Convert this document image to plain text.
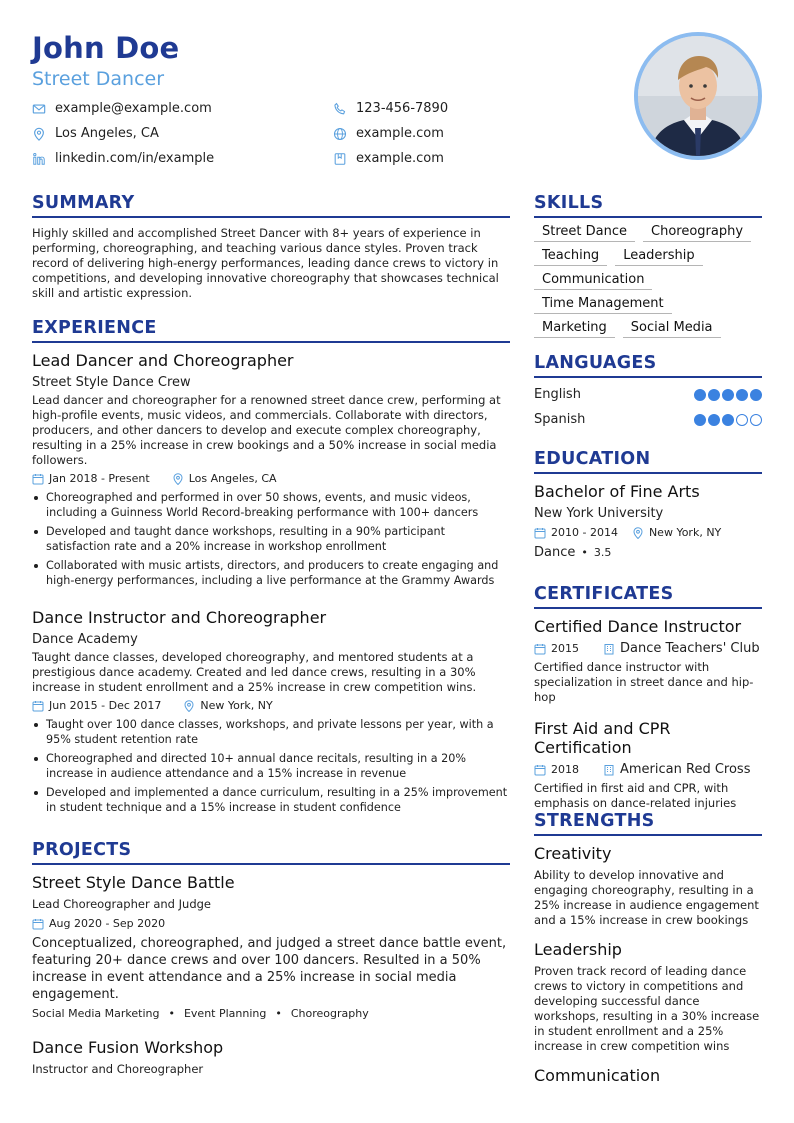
John Doe
Street Dancer
example@example.com	123-456-7890
Los Angeles, CA	example.com
linkedin.com/in/example	example.com
SUMMARY
Highly skilled and accomplished Street Dancer with 8+ years of experience in performing, choreographing, and teaching various dance styles. Proven track record of delivering high-energy performances, leading dance crews to victory in competitions, and developing innovative choreography that showcases technical skill and artistic expression.
EXPERIENCE
Lead Dancer and Choreographer
Street Style Dance Crew
Lead dancer and choreographer for a renowned street dance crew, performing at high-profile events, music videos, and commercials. Collaborate with directors, producers, and other dancers to develop and execute complex choreography, resulting in a 25% increase in crew bookings and a 50% increase in social media followers.
Jan 2018 - Present	Los Angeles, CA
Choreographed and performed in over 50 shows, events, and music videos, including a Guinness World Record-breaking performance with 100+ dancers
Developed and taught dance workshops, resulting in a 90% participant satisfaction rate and a 20% increase in workshop enrollment
Collaborated with music artists, directors, and producers to create engaging and high-energy performances, including a live performance at the Grammy Awards
Dance Instructor and Choreographer
Dance Academy
Taught dance classes, developed choreography, and mentored students at a prestigious dance academy. Created and led dance crews, resulting in a 30% increase in student enrollment and a 25% increase in crew competition wins.
Jun 2015 - Dec 2017	New York, NY
Taught over 100 dance classes, workshops, and private lessons per year, with a 95% student retention rate
Choreographed and directed 10+ annual dance recitals, resulting in a 20% increase in audience attendance and a 15% increase in revenue
Developed and implemented a dance curriculum, resulting in a 25% improvement in student technique and a 15% increase in student confidence
PROJECTS
Street Style Dance Battle
Lead Choreographer and Judge
Aug 2020 - Sep 2020
Conceptualized, choreographed, and judged a street dance battle event, featuring 20+ dance crews and over 100 dancers. Resulted in a 50% increase in event attendance and a 25% increase in social media engagement.
Social Media Marketing • Event Planning • Choreography
Dance Fusion Workshop
Instructor and Choreographer
SKILLS
Street Dance	Choreography
Teaching	Leadership
Communication
Time Management
Marketing	Social Media
LANGUAGES
English
Spanish
EDUCATION
Bachelor of Fine Arts
New York University
2010 - 2014	New York, NY
Dance • 3.5
CERTIFICATES
Certified Dance Instructor
2015	Dance Teachers' Club
Certified dance instructor with specialization in street dance and hip-hop
First Aid and CPR Certification
2018	American Red Cross
Certified in first aid and CPR, with emphasis on dance-related injuries
STRENGTHS
Creativity
Ability to develop innovative and engaging choreography, resulting in a 25% increase in audience engagement and a 15% increase in crew bookings
Leadership
Proven track record of leading dance crews to victory in competitions and developing successful dance workshops, resulting in a 30% increase in student enrollment and a 25% increase in crew competition wins
Communication
